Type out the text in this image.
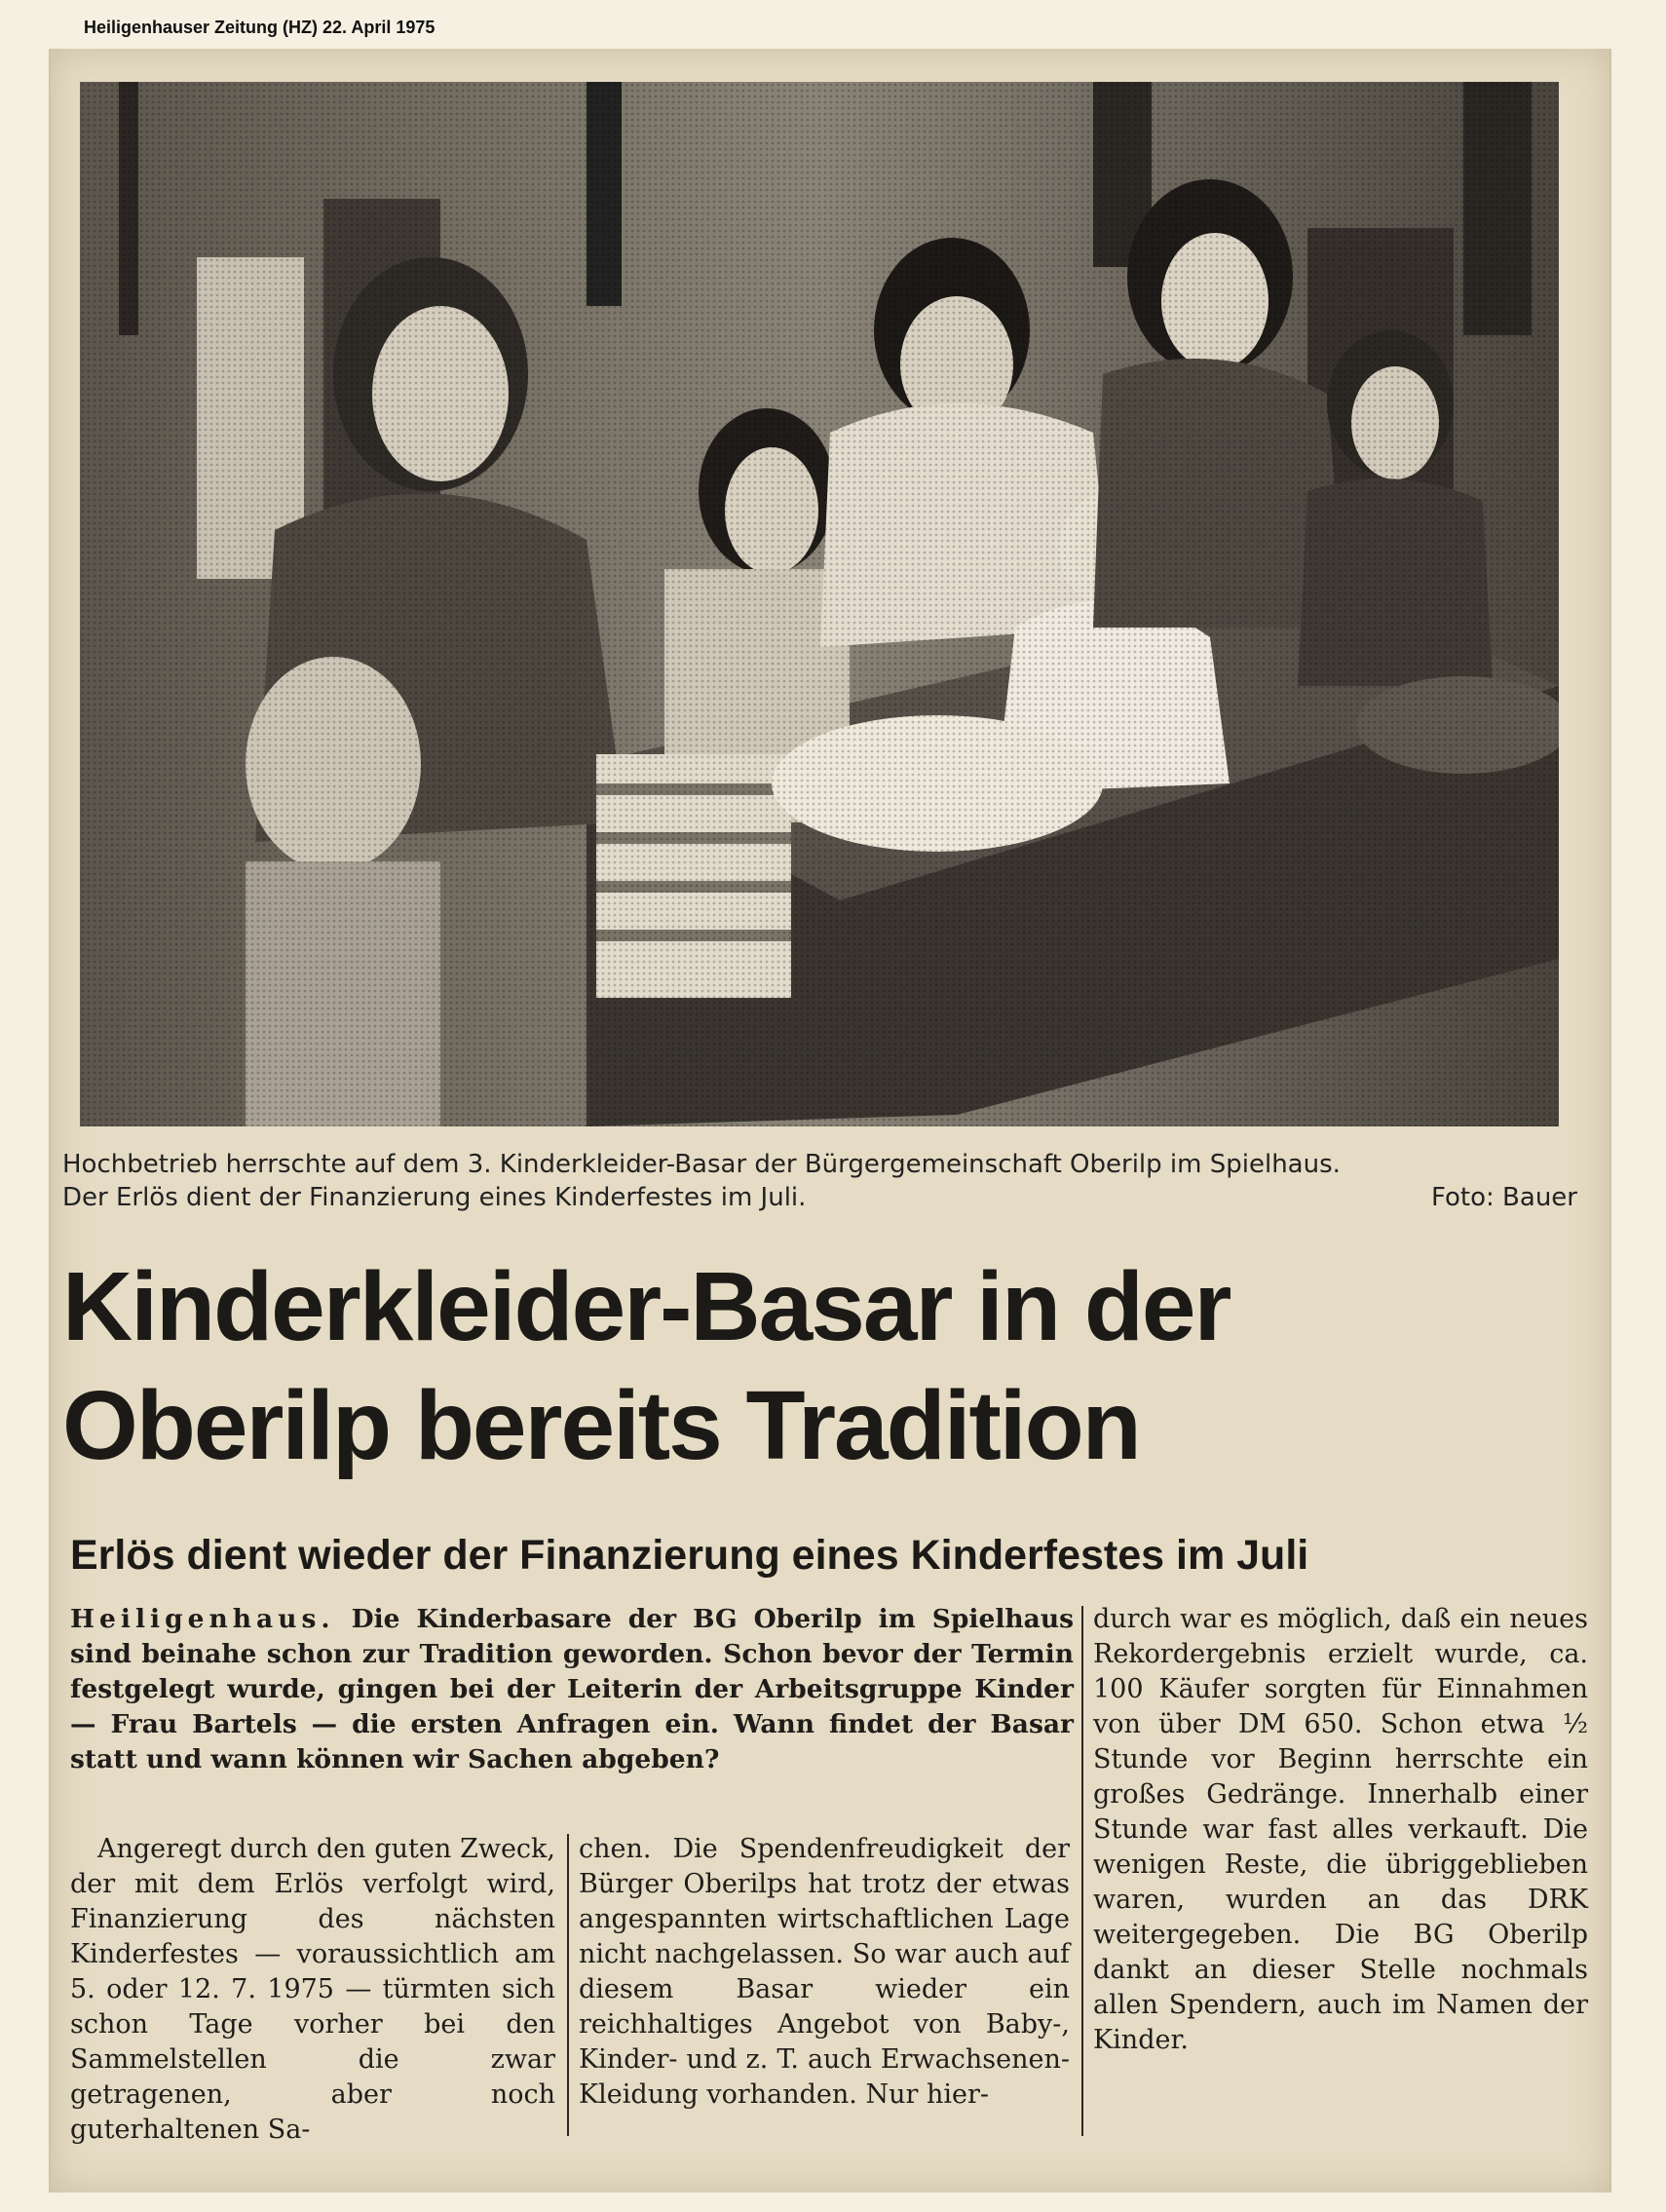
Heiligenhauser Zeitung (HZ) 22. April 1975
Hochbetrieb herrschte auf dem 3. Kinderkleider-Basar der Bürgergemeinschaft Oberilp im Spielhaus.
Der Erlös dient der Finanzierung eines Kinderfestes im Juli.	Foto: Bauer
Kinderkleider-Basar in der
Oberilp bereits Tradition
Erlös dient wieder der Finanzierung eines Kinderfestes im Juli
Heiligenhaus. Die Kinderbasare der BG Oberilp im Spielhaus sind beinahe schon zur Tradition geworden. Schon bevor der Termin festgelegt wurde, gingen bei der Leiterin der Arbeitsgruppe Kinder — Frau Bartels — die ersten Anfragen ein. Wann findet der Basar statt und wann können wir Sachen abgeben?
Angeregt durch den guten Zweck, der mit dem Erlös verfolgt wird, Finanzierung des nächsten Kinderfestes — voraussichtlich am 5. oder 12. 7. 1975 — türmten sich schon Tage vorher bei den Sammelstellen die zwar getragenen, aber noch guterhaltenen Sa-
chen. Die Spendenfreudigkeit der Bürger Oberilps hat trotz der etwas angespannten wirtschaftlichen Lage nicht nachgelassen. So war auch auf diesem Basar wieder ein reichhaltiges Angebot von Baby-, Kinder- und z. T. auch Erwachsenen-Kleidung vorhanden. Nur hier-
durch war es möglich, daß ein neues Rekordergebnis erzielt wurde, ca. 100 Käufer sorgten für Einnahmen von über DM 650. Schon etwa ½ Stunde vor Beginn herrschte ein großes Gedränge. Innerhalb einer Stunde war fast alles verkauft. Die wenigen Reste, die übriggeblieben waren, wurden an das DRK weitergegeben. Die BG Oberilp dankt an dieser Stelle nochmals allen Spendern, auch im Namen der Kinder.
